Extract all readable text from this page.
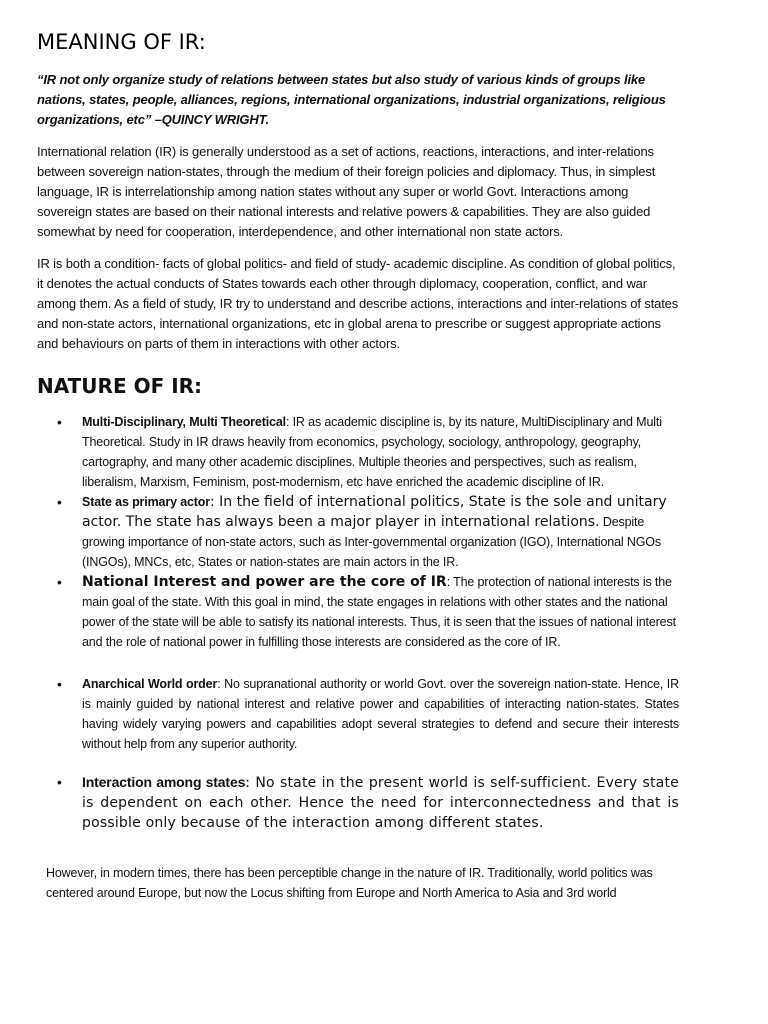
MEANING OF IR:

“IR not only organize study of relations between states but also study of various kinds of groups like nations, states, people, alliances, regions, international organizations, industrial organizations, religious organizations, etc” –QUINCY WRIGHT.

International relation (IR) is generally understood as a set of actions, reactions, interactions, and inter-relations between sovereign nation-states, through the medium of their foreign policies and diplomacy. Thus, in simplest language, IR is interrelationship among nation states without any super or world Govt. Interactions among sovereign states are based on their national interests and relative powers & capabilities. They are also guided somewhat by need for cooperation, interdependence, and other international non state actors.

IR is both a condition- facts of global politics- and field of study- academic discipline. As condition of global politics, it denotes the actual conducts of States towards each other through diplomacy, cooperation, conflict, and war among them. As a field of study, IR try to understand and describe actions, interactions and inter-relations of states and non-state actors, international organizations, etc in global arena to prescribe or suggest appropriate actions and behaviours on parts of them in interactions with other actors.

NATURE OF IR:
• Multi-Disciplinary, Multi Theoretical: IR as academic discipline is, by its nature, MultiDisciplinary and Multi Theoretical. Study in IR draws heavily from economics, psychology, sociology, anthropology, geography, cartography, and many other academic disciplines. Multiple theories and perspectives, such as realism, liberalism, Marxism, Feminism, post-modernism, etc have enriched the academic discipline of IR.
• State as primary actor: In the field of international politics, State is the sole and unitary actor. The state has always been a major player in international relations. Despite growing importance of non-state actors, such as Inter-governmental organization (IGO), International NGOs (INGOs), MNCs, etc, States or nation-states are main actors in the IR.
• National Interest and power are the core of IR: The protection of national interests is the main goal of the state. With this goal in mind, the state engages in relations with other states and the national power of the state will be able to satisfy its national interests. Thus, it is seen that the issues of national interest and the role of national power in fulfilling those interests are considered as the core of IR.
• Anarchical World order: No supranational authority or world Govt. over the sovereign nation-state. Hence, IR is mainly guided by national interest and relative power and capabilities of interacting nation-states. States having widely varying powers and capabilities adopt several strategies to defend and secure their interests without help from any superior authority.
• Interaction among states: No state in the present world is self-sufficient. Every state is dependent on each other. Hence the need for interconnectedness and that is possible only because of the interaction among different states.

However, in modern times, there has been perceptible change in the nature of IR. Traditionally, world politics was centered around Europe, but now the Locus shifting from Europe and North America to Asia and 3rd world
